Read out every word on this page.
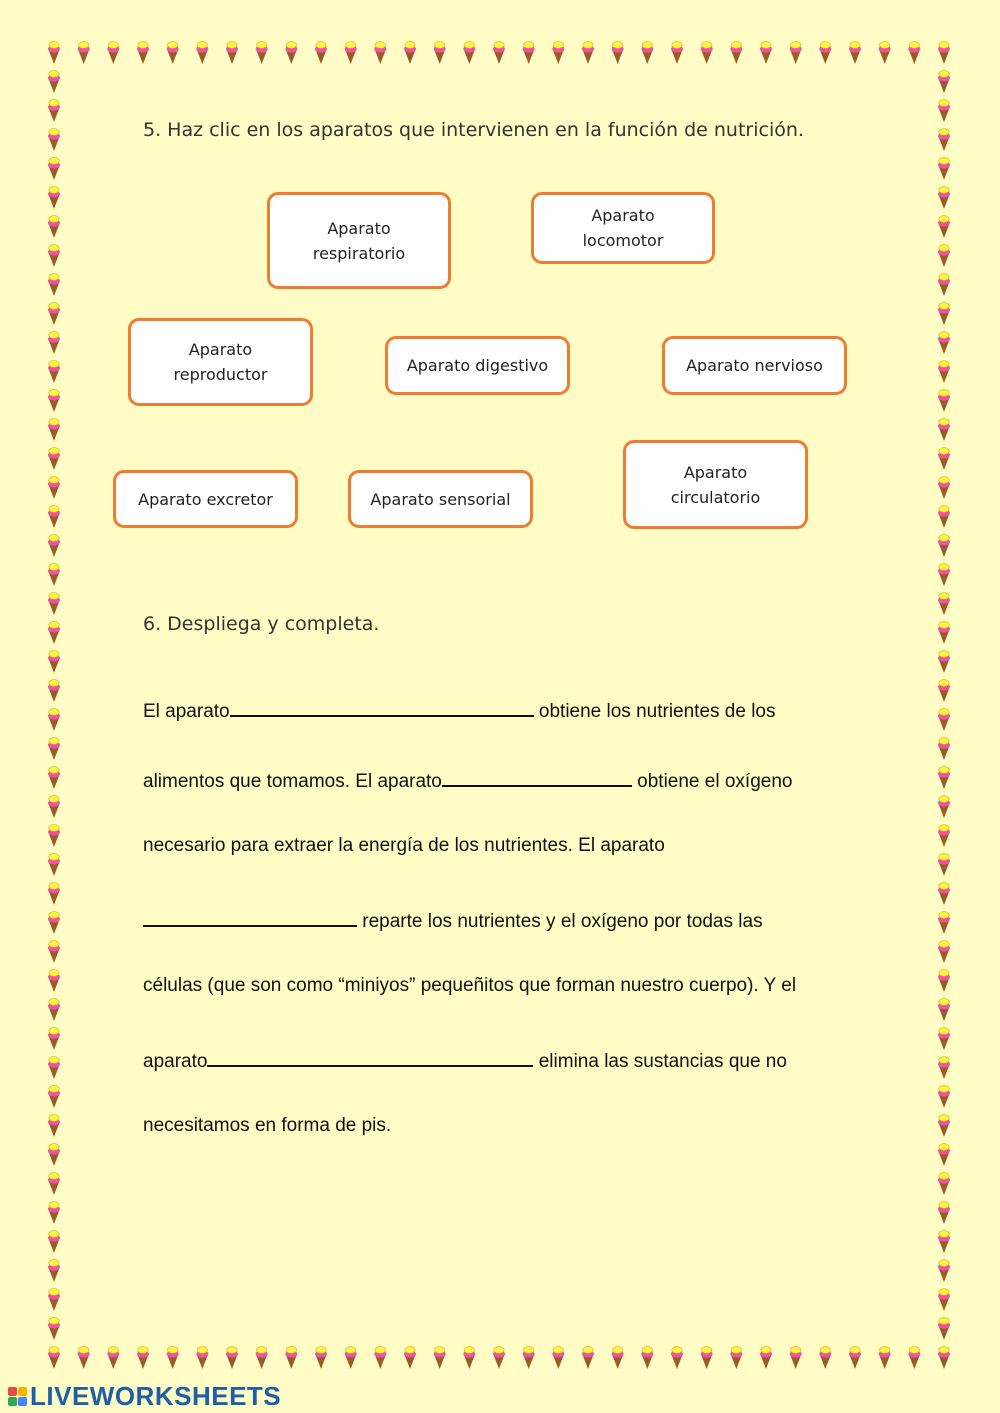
5. Haz clic en los aparatos que intervienen en la función de nutrición.
Aparato
respiratorio
Aparato
locomotor
Aparato
reproductor	Aparato digestivo	Aparato nervioso
Aparato excretor	Aparato sensorial
Aparato
circulatorio
6. Despliega y completa.

El aparato	obtiene los nutrientes de los

alimentos que tomamos. El aparato	obtiene el oxígeno

necesario para extraer la energía de los nutrientes. El aparato

reparte los nutrientes y el oxígeno por todas las

células (que son como “miniyos” pequeñitos que forman nuestro cuerpo). Y el

aparato	elimina las sustancias que no

necesitamos en forma de pis.

LIVEWORKSHEETS
